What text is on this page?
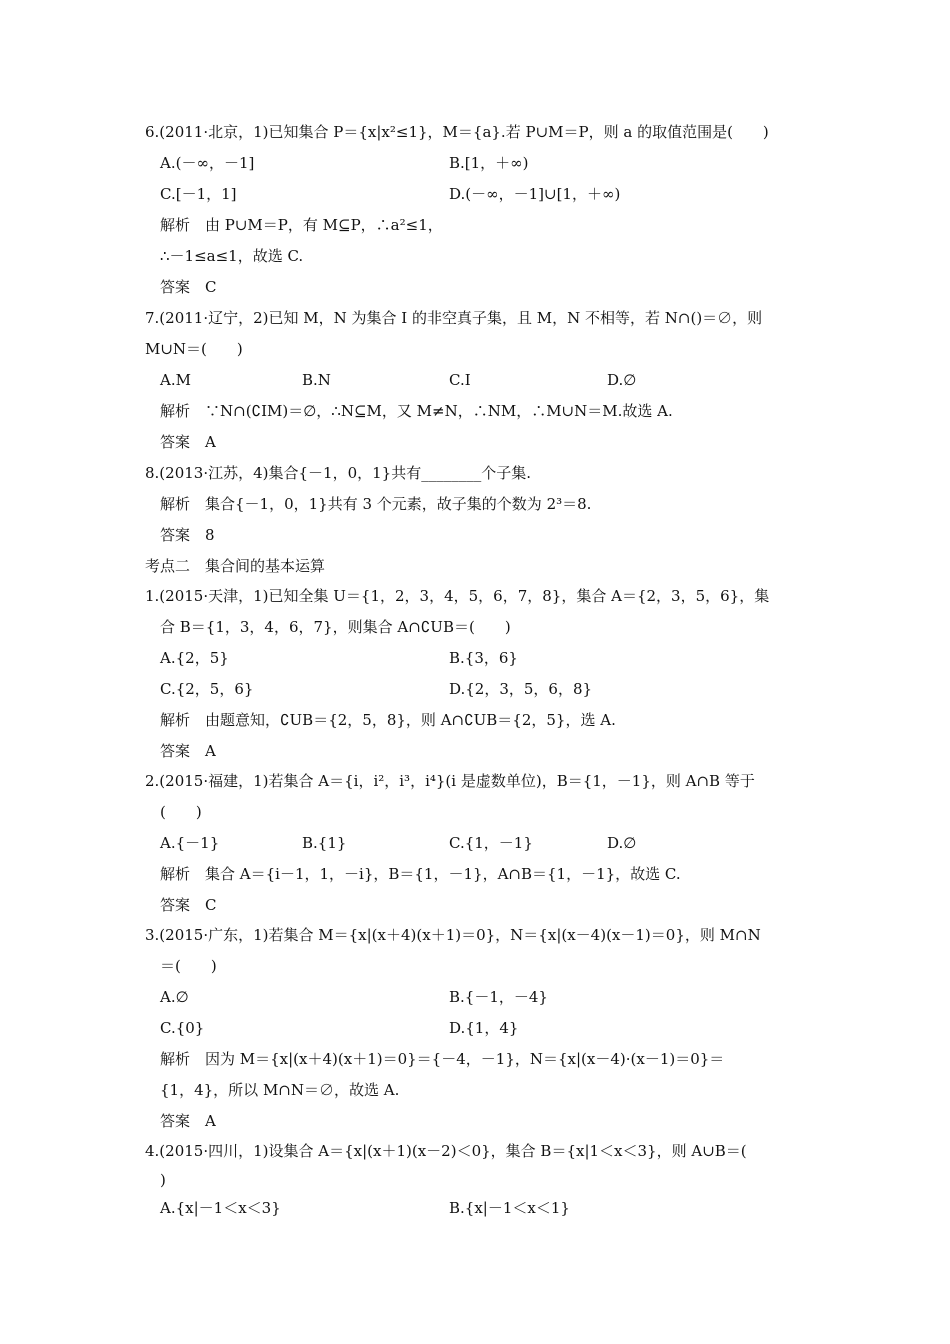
6.(2011·北京，1)已知集合 P＝{x|x²≤1}，M＝{a}.若 P∪M＝P，则 a 的取值范围是(　　)
A.(－∞，－1]	B.[1，＋∞)
C.[－1，1]	D.(－∞，－1]∪[1，＋∞)
解析　由 P∪M＝P，有 M⊆P，∴a²≤1，
∴－1≤a≤1，故选 C.
答案　C
7.(2011·辽宁，2)已知 M，N 为集合 I 的非空真子集，且 M，N 不相等，若 N∩()＝∅，则
M∪N＝(　　)
A.M	B.N	C.I	D.∅
解析　∵N∩(∁IM)＝∅，∴N⊆M，又 M≠N，∴NM，∴M∪N＝M.故选 A.
答案　A
8.(2013·江苏，4)集合{－1，0，1}共有________个子集.
解析　集合{－1，0，1}共有 3 个元素，故子集的个数为 2³＝8.
答案　8
考点二　集合间的基本运算
1.(2015·天津，1)已知全集 U＝{1，2，3，4，5，6，7，8}，集合 A＝{2，3，5，6}，集
合 B＝{1，3，4，6，7}，则集合 A∩∁UB＝(　　)
A.{2，5}	B.{3，6}
C.{2，5，6}	D.{2，3，5，6，8}
解析　由题意知，∁UB＝{2，5，8}，则 A∩∁UB＝{2，5}，选 A.
答案　A
2.(2015·福建，1)若集合 A＝{i，i²，i³，i⁴}(i 是虚数单位)，B＝{1，－1}，则 A∩B 等于
(　　)
A.{－1}	B.{1}	C.{1，－1}	D.∅
解析　集合 A＝{i－1，1，－i}，B＝{1，－1}，A∩B＝{1，－1}，故选 C.
答案　C
3.(2015·广东，1)若集合 M＝{x|(x＋4)(x＋1)＝0}，N＝{x|(x－4)(x－1)＝0}，则 M∩N
＝(　　)
A.∅	B.{－1，－4}
C.{0}	D.{1，4}
解析　因为 M＝{x|(x＋4)(x＋1)＝0}＝{－4，－1}，N＝{x|(x－4)·(x－1)＝0}＝
{1，4}，所以 M∩N＝∅，故选 A.
答案　A
4.(2015·四川，1)设集合 A＝{x|(x＋1)(x－2)＜0}，集合 B＝{x|1＜x＜3}，则 A∪B＝(
)
A.{x|－1＜x＜3}	B.{x|－1＜x＜1}
